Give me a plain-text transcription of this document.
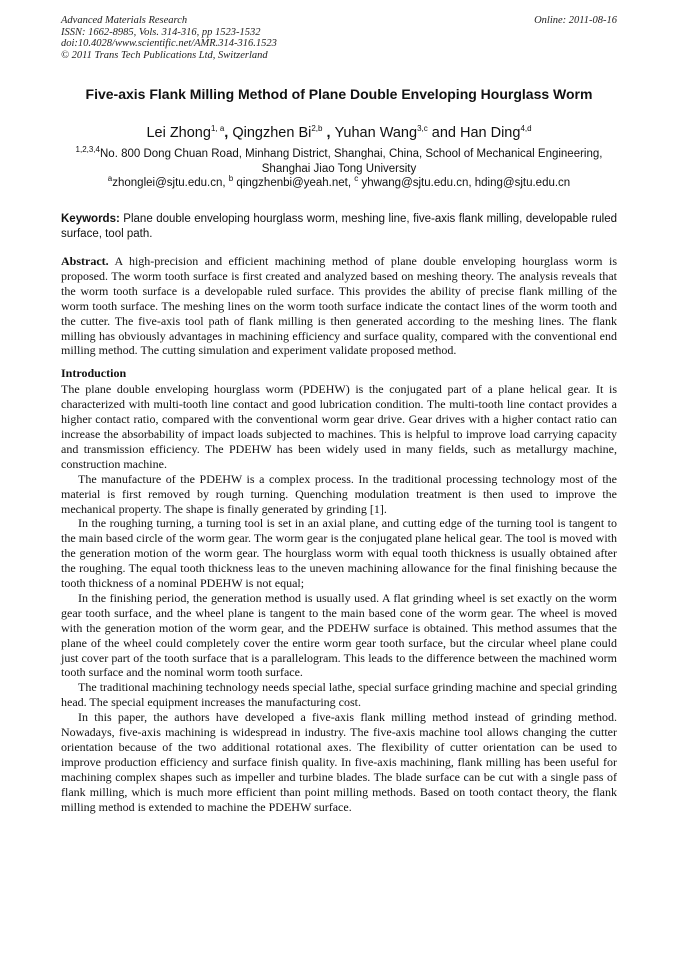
Advanced Materials Research
ISSN: 1662-8985, Vols. 314-316, pp 1523-1532
doi:10.4028/www.scientific.net/AMR.314-316.1523
© 2011 Trans Tech Publications Ltd, Switzerland
Online: 2011-08-16
Five-axis Flank Milling Method of Plane Double Enveloping Hourglass Worm
Lei Zhong$^{1, a}$, Qingzhen Bi$^{2,b}$ , Yuhan Wang$^{3,c}$ and Han Ding$^{4,d}$
$^{1,2,3,4}$No. 800 Dong Chuan Road, Minhang District, Shanghai, China, School of Mechanical Engineering, Shanghai Jiao Tong University
$^a$zhonglei@sjtu.edu.cn, $^b$ qingzhenbi@yeah.net, $^c$ yhwang@sjtu.edu.cn, hding@sjtu.edu.cn
Keywords: Plane double enveloping hourglass worm, meshing line, five-axis flank milling, developable ruled surface, tool path.

Abstract. A high-precision and efficient machining method of plane double enveloping hourglass worm is proposed. The worm tooth surface is first created and analyzed based on meshing theory. The analysis reveals that the worm tooth surface is a developable ruled surface. This provides the ability of precise flank milling of the worm tooth surface. The meshing lines on the worm tooth surface indicate the contact lines of the worm tooth and the cutter. The five-axis tool path of flank milling is then generated according to the meshing lines. The flank milling has obviously advantages in machining efficiency and surface quality, compared with the conventional end milling method. The cutting simulation and experiment validate proposed method.

Introduction

The plane double enveloping hourglass worm (PDEHW) is the conjugated part of a plane helical gear. It is characterized with multi-tooth line contact and good lubrication condition. The multi-tooth line contact provides a higher contact ratio, compared with the conventional worm gear drive. Gear drives with a higher contact ratio can increase the absorbability of impact loads subjected to machines. This is helpful to improve load carrying capacity and transmission efficiency. The PDEHW has been widely used in many fields, such as metallurgy machine, construction machine.

The manufacture of the PDEHW is a complex process. In the traditional processing technology most of the material is first removed by rough turning. Quenching modulation treatment is then used to improve the mechanical property. The shape is finally generated by grinding [1].

In the roughing turning, a turning tool is set in an axial plane, and cutting edge of the turning tool is tangent to the main based circle of the worm gear. The worm gear is the conjugated plane helical gear. The tool is moved with the generation motion of the worm gear. The hourglass worm with equal tooth thickness is usually obtained after the roughing. The equal tooth thickness leas to the uneven machining allowance for the final finishing because the tooth thickness of a nominal PDEHW is not equal;

In the finishing period, the generation method is usually used. A flat grinding wheel is set exactly on the worm gear tooth surface, and the wheel plane is tangent to the main based cone of the worm gear. The wheel is moved with the generation motion of the worm gear, and the PDEHW surface is obtained. This method assumes that the plane of the wheel could completely cover the entire worm gear tooth surface, but the circular wheel plane could just cover part of the tooth surface that is a parallelogram. This leads to the difference between the machined worm tooth surface and the nominal worm tooth surface.

The traditional machining technology needs special lathe, special surface grinding machine and special grinding head. The special equipment increases the manufacturing cost.

In this paper, the authors have developed a five-axis flank milling method instead of grinding method. Nowadays, five-axis machining is widespread in industry. The five-axis machine tool allows changing the cutter orientation because of the two additional rotational axes. The flexibility of cutter orientation can be used to improve production efficiency and surface finish quality. In five-axis machining, flank milling has been useful for machining complex shapes such as impeller and turbine blades. The blade surface can be cut with a single pass of flank milling, which is much more efficient than point milling methods. Based on tooth contact theory, the flank milling method is extended to machine the PDEHW surface.
